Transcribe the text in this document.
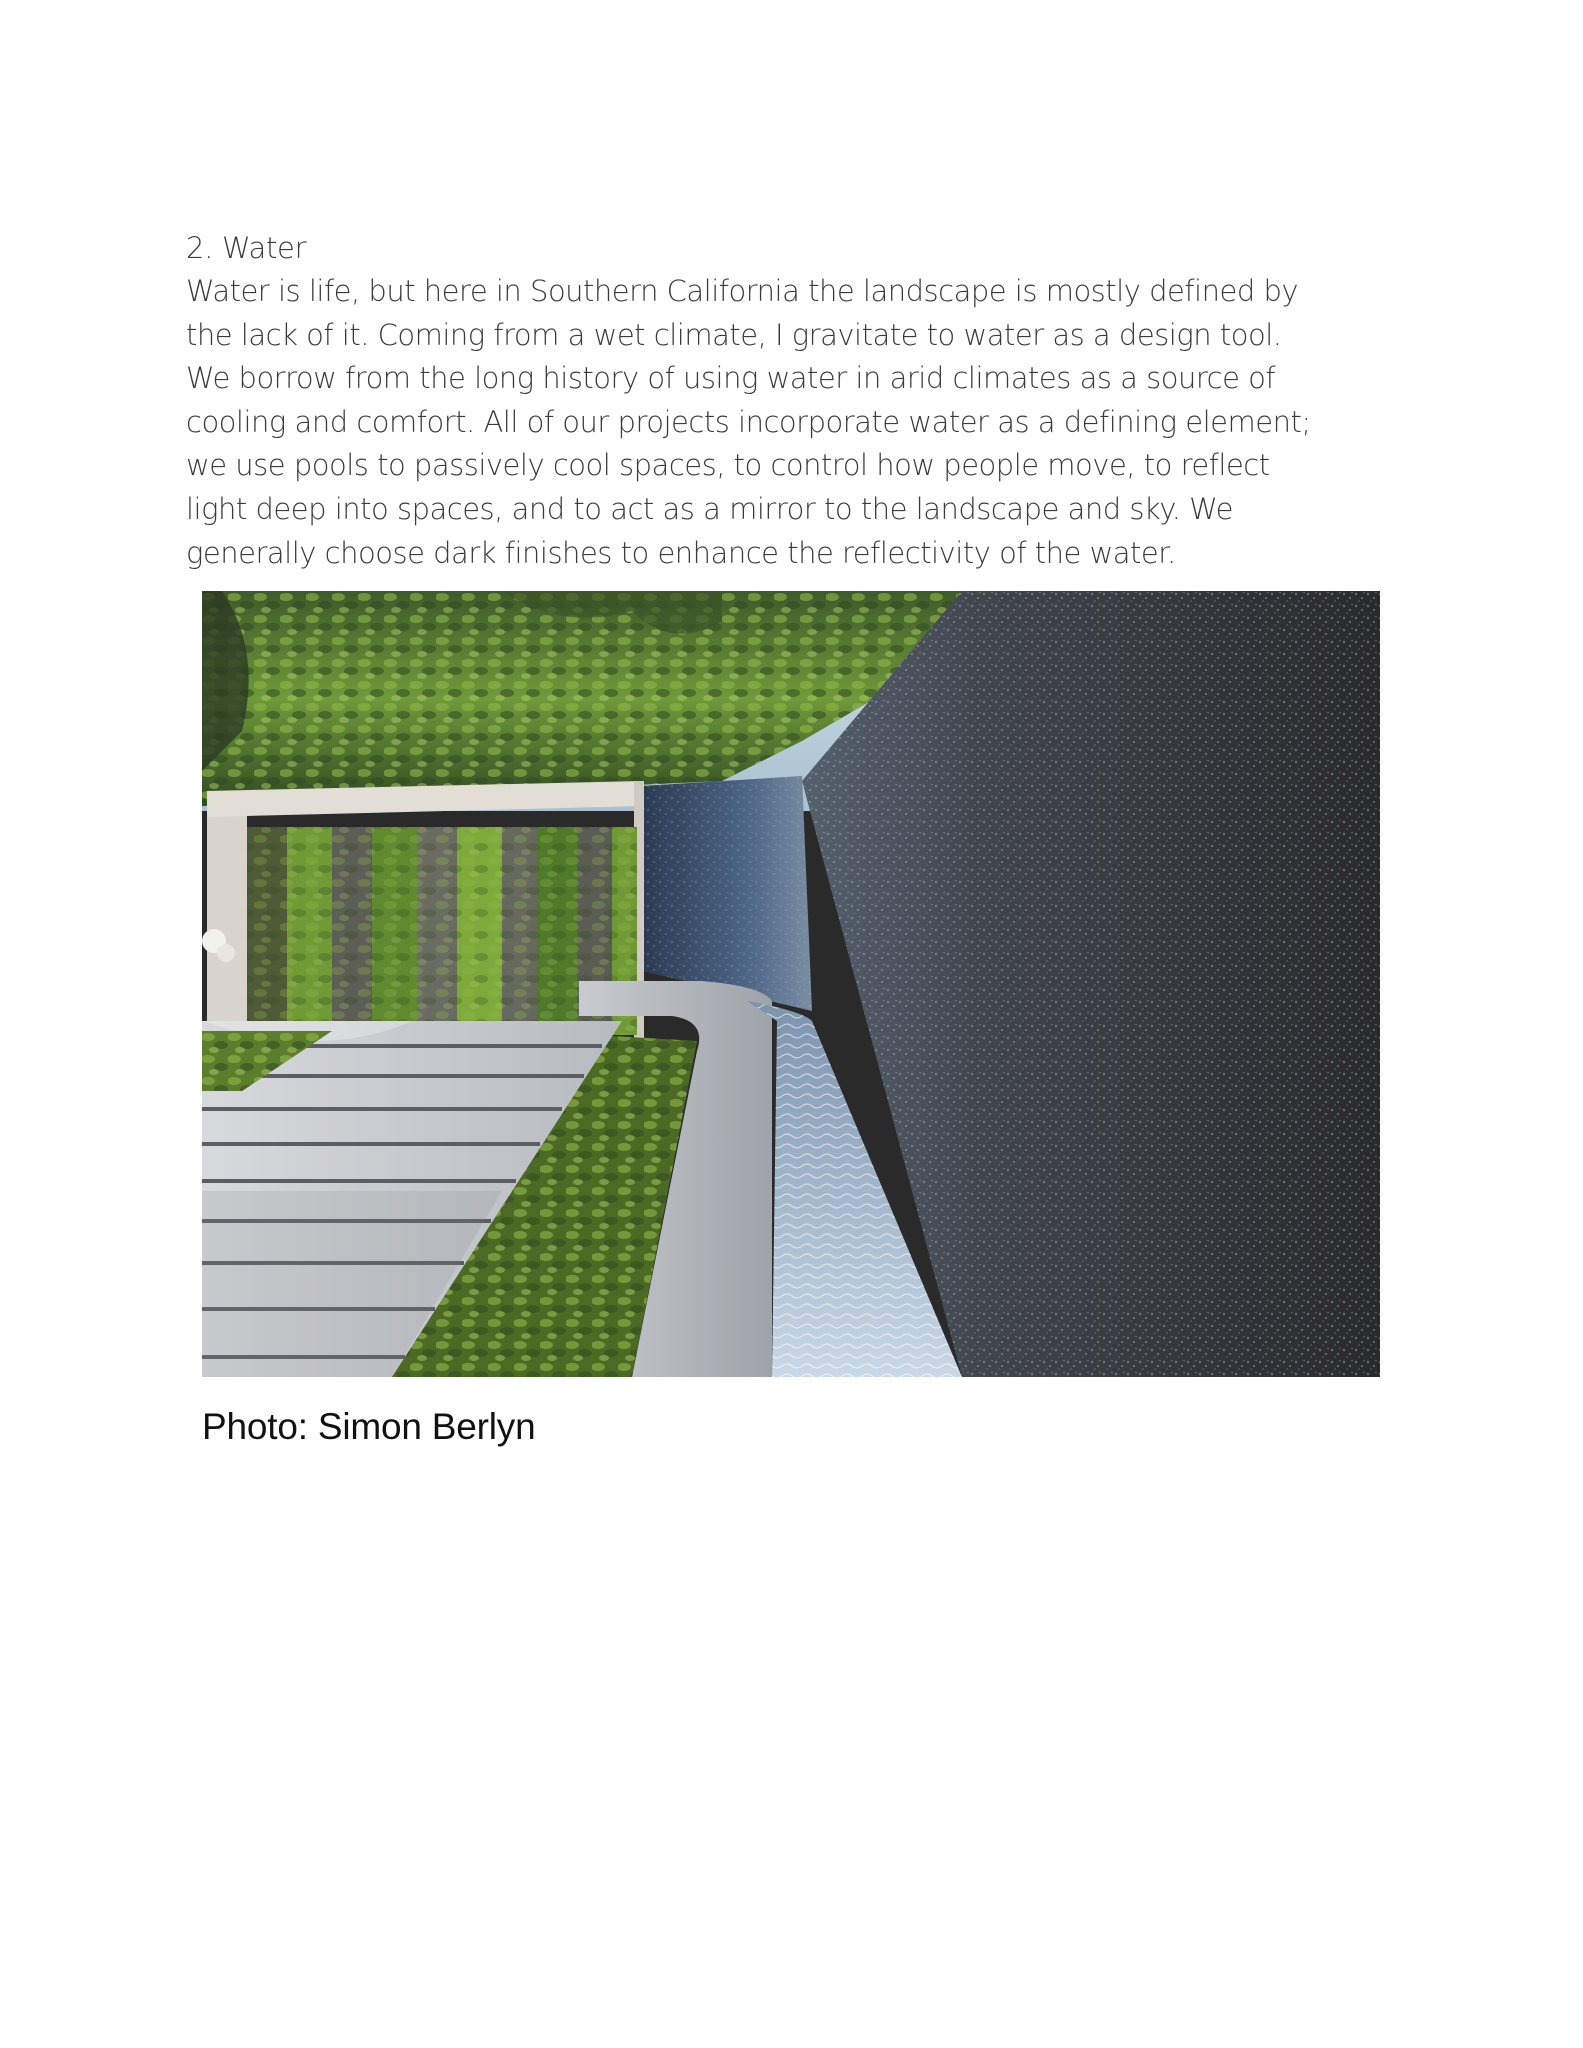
2. Water

Water is life, but here in Southern California the landscape is mostly defined by
the lack of it. Coming from a wet climate, I gravitate to water as a design tool.
We borrow from the long history of using water in arid climates as a source of
cooling and comfort. All of our projects incorporate water as a defining element;
we use pools to passively cool spaces, to control how people move, to reflect
light deep into spaces, and to act as a mirror to the landscape and sky. We
generally choose dark finishes to enhance the reflectivity of the water.

Photo: Simon Berlyn
